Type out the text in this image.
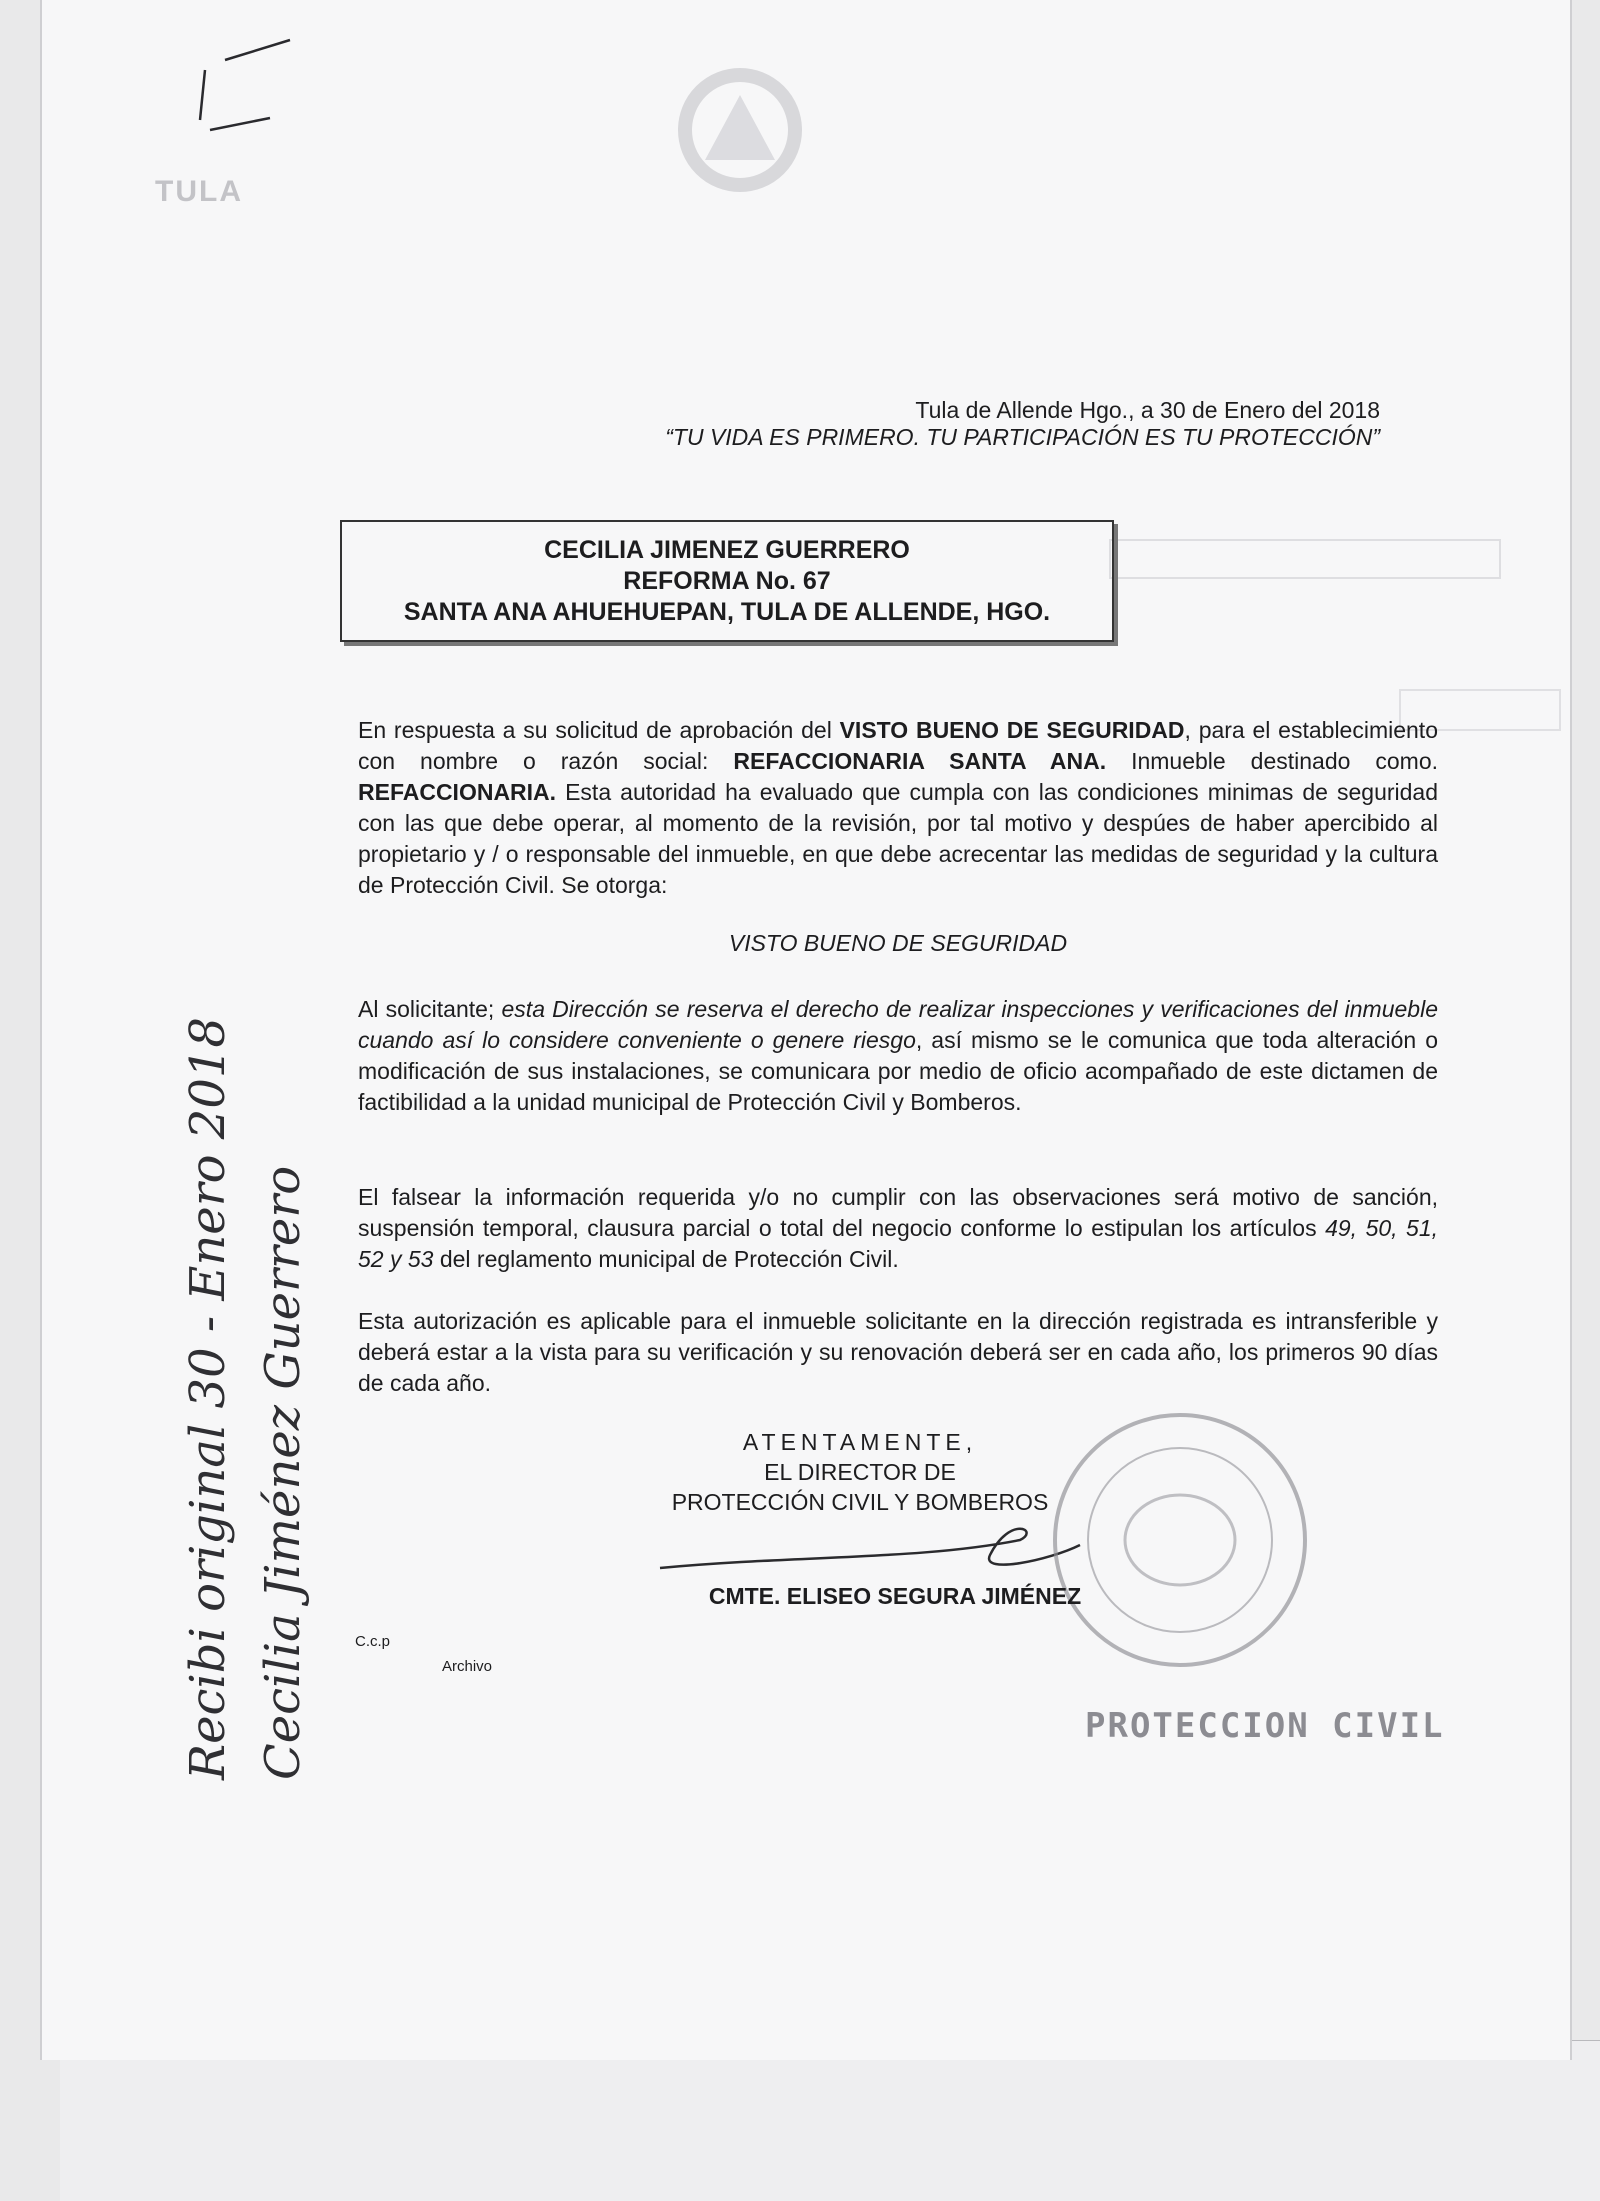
TULA
Tula de Allende Hgo., a 30 de Enero del 2018
“TU VIDA ES PRIMERO. TU PARTICIPACIÓN ES TU PROTECCIÓN”
CECILIA JIMENEZ GUERRERO
REFORMA No. 67
SANTA ANA AHUEHUEPAN, TULA DE ALLENDE, HGO.
En respuesta a su solicitud de aprobación del VISTO BUENO DE SEGURIDAD, para el establecimiento con nombre o razón social: REFACCIONARIA SANTA ANA. Inmueble destinado como. REFACCIONARIA. Esta autoridad ha evaluado que cumpla con las condiciones minimas de seguridad con las que debe operar, al momento de la revisión, por tal motivo y despúes de haber apercibido al propietario y / o responsable del inmueble, en que debe acrecentar las medidas de seguridad y la cultura de Protección Civil. Se otorga:
VISTO BUENO DE SEGURIDAD
Al solicitante; esta Dirección se reserva el derecho de realizar inspecciones y verificaciones del inmueble cuando así lo considere conveniente o genere riesgo, así mismo se le comunica que toda alteración o modificación de sus instalaciones, se comunicara por medio de oficio acompañado de este dictamen de factibilidad a la unidad municipal de Protección Civil y Bomberos.
El falsear la información requerida y/o no cumplir con las observaciones será motivo de sanción, suspensión temporal, clausura parcial o total del negocio conforme lo estipulan los artículos 49, 50, 51, 52 y 53 del reglamento municipal de Protección Civil.
Esta autorización es aplicable para el inmueble solicitante en la dirección registrada es intransferible y deberá estar a la vista para su verificación y su renovación deberá ser en cada año, los primeros 90 días de cada año.
ATENTAMENTE,
EL DIRECTOR DE
PROTECCIÓN CIVIL Y BOMBEROS
CMTE. ELISEO SEGURA JIMÉNEZ
C.c.p
Archivo
PROTECCION CIVIL
Recibi original 30 - Enero 2018 Cecilia Jiménez Guerrero
